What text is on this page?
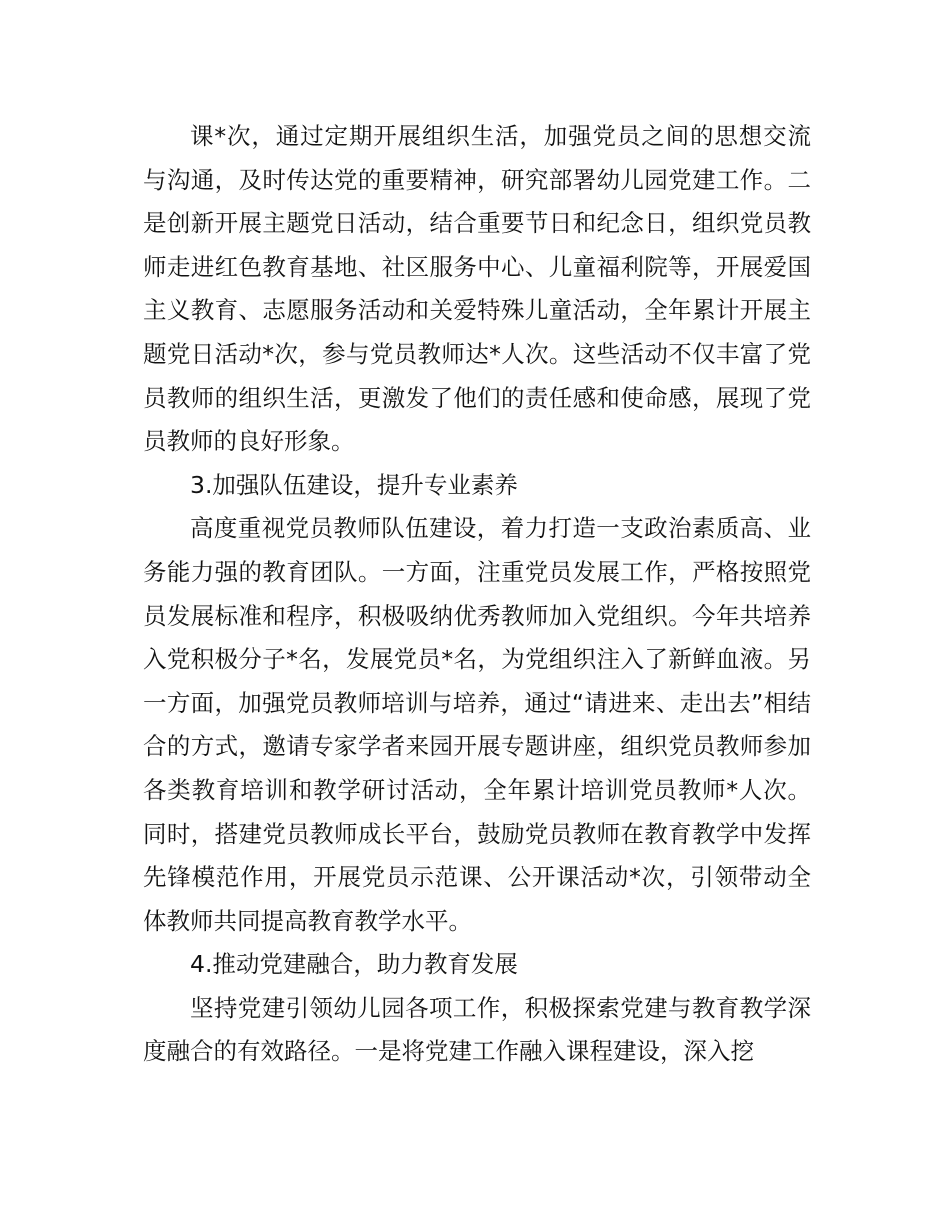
课*次，通过定期开展组织生活，加强党员之间的思想交流与沟通，及时传达党的重要精神，研究部署幼儿园党建工作。二是创新开展主题党日活动，结合重要节日和纪念日，组织党员教师走进红色教育基地、社区服务中心、儿童福利院等，开展爱国主义教育、志愿服务活动和关爱特殊儿童活动，全年累计开展主题党日活动*次，参与党员教师达*人次。这些活动不仅丰富了党员教师的组织生活，更激发了他们的责任感和使命感，展现了党员教师的良好形象。

3.加强队伍建设，提升专业素养

高度重视党员教师队伍建设，着力打造一支政治素质高、业务能力强的教育团队。一方面，注重党员发展工作，严格按照党员发展标准和程序，积极吸纳优秀教师加入党组织。今年共培养入党积极分子*名，发展党员*名，为党组织注入了新鲜血液。另一方面，加强党员教师培训与培养，通过“请进来、走出去”相结合的方式，邀请专家学者来园开展专题讲座，组织党员教师参加各类教育培训和教学研讨活动，全年累计培训党员教师*人次。同时，搭建党员教师成长平台，鼓励党员教师在教育教学中发挥先锋模范作用，开展党员示范课、公开课活动*次，引领带动全体教师共同提高教育教学水平。

4.推动党建融合，助力教育发展

坚持党建引领幼儿园各项工作，积极探索党建与教育教学深度融合的有效路径。一是将党建工作融入课程建设，深入挖
